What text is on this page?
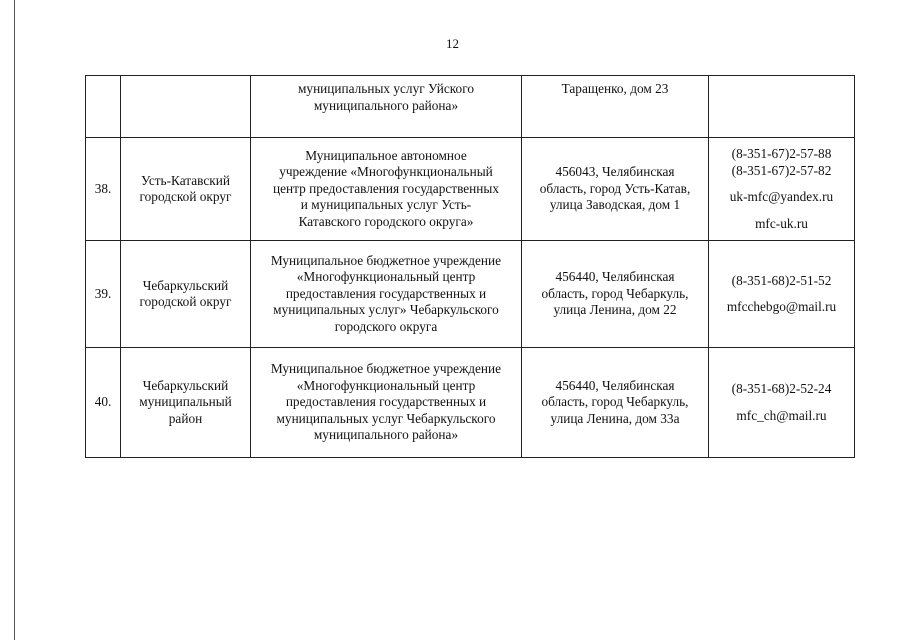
12

		муниципальных услуг Уйского
муниципального района»	Таращенко, дом 23	

38.	Усть-Катавский
городской округ	Муниципальное автономное
учреждение «Многофункциональный
центр предоставления государственных
и муниципальных услуг Усть-
Катавского городского округа»	456043, Челябинская
область, город Усть-Катав,
улица Заводская, дом 1	(8-351-67)2-57-88
(8-351-67)2-57-82
uk-mfc@yandex.ru
mfc-uk.ru

39.	Чебаркульский
городской округ	Муниципальное бюджетное учреждение
«Многофункциональный центр
предоставления государственных и
муниципальных услуг» Чебаркульского
городского округа	456440, Челябинская
область, город Чебаркуль,
улица Ленина, дом 22	(8-351-68)2-51-52
mfcchebgo@mail.ru

40.	Чебаркульский
муниципальный
район	Муниципальное бюджетное учреждение
«Многофункциональный центр
предоставления государственных и
муниципальных услуг Чебаркульского
муниципального района»	456440, Челябинская
область, город Чебаркуль,
улица Ленина, дом 33а	(8-351-68)2-52-24
mfc_ch@mail.ru
